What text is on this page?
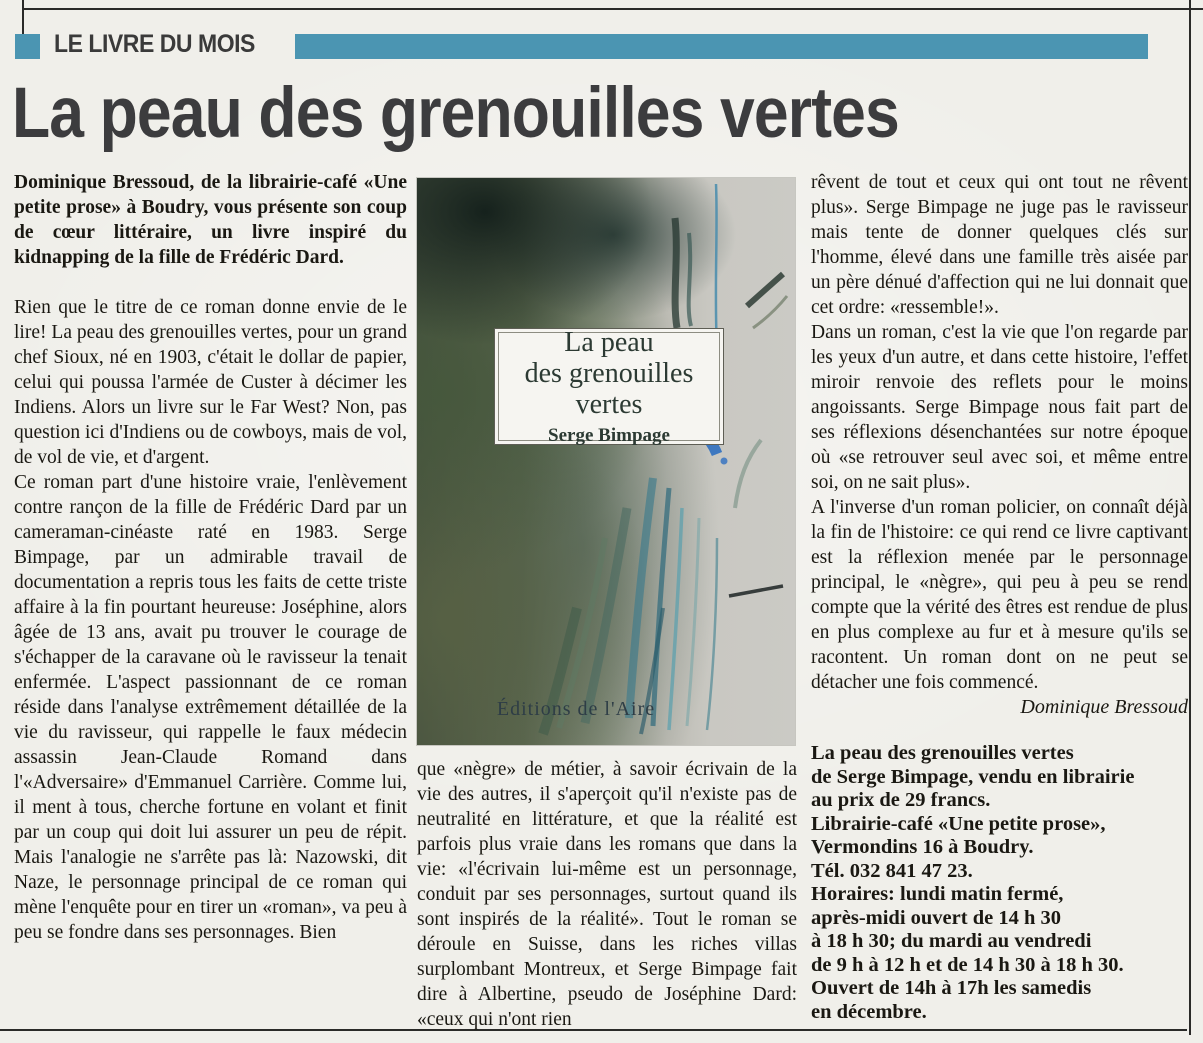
LE LIVRE DU MOIS
La peau des grenouilles vertes

Dominique Bressoud, de la librairie-café «Une petite prose» à Boudry, vous présente son coup de cœur littéraire, un livre inspiré du kidnapping de la fille de Frédéric Dard.

Rien que le titre de ce roman donne envie de le lire! La peau des grenouilles vertes, pour un grand chef Sioux, né en 1903, c'était le dollar de papier, celui qui poussa l'armée de Custer à décimer les Indiens. Alors un livre sur le Far West? Non, pas question ici d'Indiens ou de cowboys, mais de vol, de vol de vie, et d'argent.

Ce roman part d'une histoire vraie, l'enlèvement contre rançon de la fille de Frédéric Dard par un cameraman-cinéaste raté en 1983. Serge Bimpage, par un admirable travail de documentation a repris tous les faits de cette triste affaire à la fin pourtant heureuse: Joséphine, alors âgée de 13 ans, avait pu trouver le courage de s'échapper de la caravane où le ravisseur la tenait enfermée. L'aspect passionnant de ce roman réside dans l'analyse extrêmement détaillée de la vie du ravisseur, qui rappelle le faux médecin assassin Jean-Claude Romand dans l'«Adversaire» d'Emmanuel Carrière. Comme lui, il ment à tous, cherche fortune en volant et finit par un coup qui doit lui assurer un peu de répit. Mais l'analogie ne s'arrête pas là: Nazowski, dit Naze, le personnage principal de ce roman qui mène l'enquête pour en tirer un «roman», va peu à peu se fondre dans ses personnages. Bien

La peau
des grenouilles
vertes
Serge Bimpage
Éditions de l'Aire

que «nègre» de métier, à savoir écrivain de la vie des autres, il s'aperçoit qu'il n'existe pas de neutralité en littérature, et que la réalité est parfois plus vraie dans les romans que dans la vie: «l'écrivain lui-même est un personnage, conduit par ses personnages, surtout quand ils sont inspirés de la réalité». Tout le roman se déroule en Suisse, dans les riches villas surplombant Montreux, et Serge Bimpage fait dire à Albertine, pseudo de Joséphine Dard: «ceux qui n'ont rien

rêvent de tout et ceux qui ont tout ne rêvent plus». Serge Bimpage ne juge pas le ravisseur mais tente de donner quelques clés sur l'homme, élevé dans une famille très aisée par un père dénué d'affection qui ne lui donnait que cet ordre: «ressemble!».

Dans un roman, c'est la vie que l'on regarde par les yeux d'un autre, et dans cette histoire, l'effet miroir renvoie des reflets pour le moins angoissants. Serge Bimpage nous fait part de ses réflexions désenchantées sur notre époque où «se retrouver seul avec soi, et même entre soi, on ne sait plus».

A l'inverse d'un roman policier, on connaît déjà la fin de l'histoire: ce qui rend ce livre captivant est la réflexion menée par le personnage principal, le «nègre», qui peu à peu se rend compte que la vérité des êtres est rendue de plus en plus complexe au fur et à mesure qu'ils se racontent. Un roman dont on ne peut se détacher une fois commencé.

Dominique Bressoud
La peau des grenouilles vertes
de Serge Bimpage, vendu en librairie
au prix de 29 francs.
Librairie-café «Une petite prose»,
Vermondins 16 à Boudry.
Tél. 032 841 47 23.
Horaires: lundi matin fermé,
après-midi ouvert de 14 h 30
à 18 h 30; du mardi au vendredi
de 9 h à 12 h et de 14 h 30 à 18 h 30.
Ouvert de 14h à 17h les samedis
en décembre.
